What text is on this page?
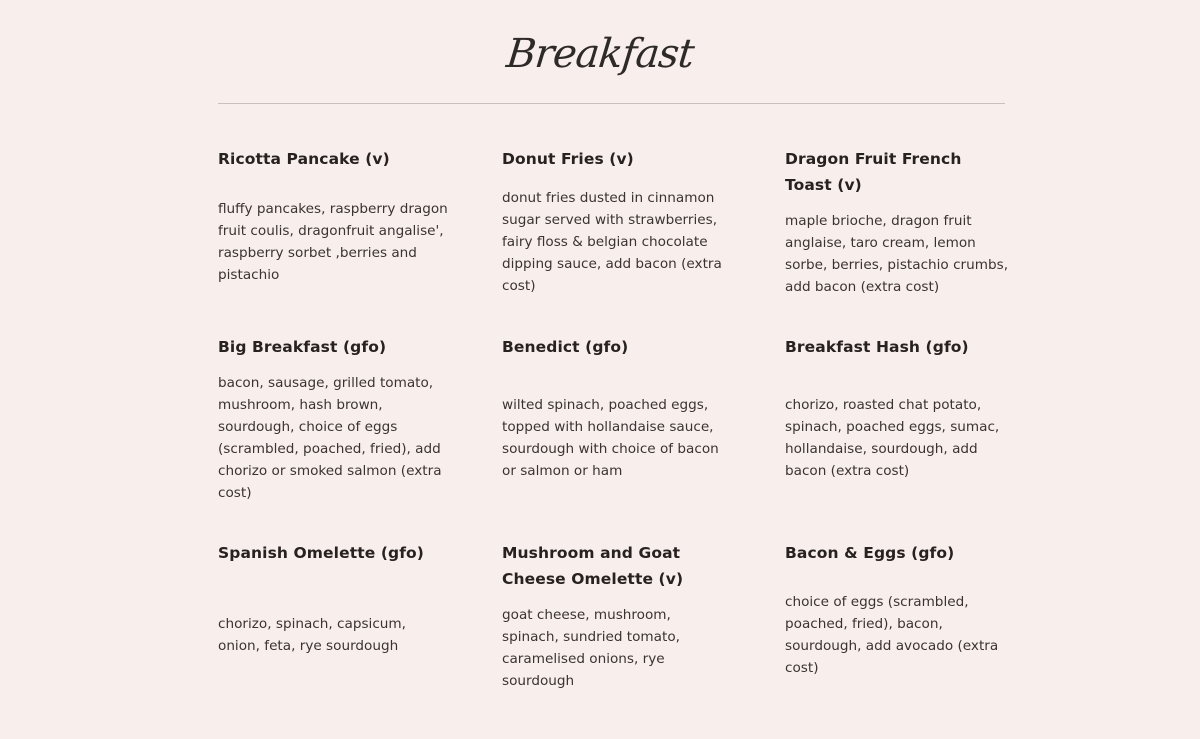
Breakfast

Ricotta Pancake (v)

fluffy pancakes, raspberry dragon fruit coulis, dragonfruit angalise', raspberry sorbet ,berries and pistachio

Donut Fries (v)

donut fries dusted in cinnamon sugar served with strawberries, fairy floss & belgian chocolate dipping sauce, add bacon (extra cost)

Dragon Fruit French Toast (v)

maple brioche, dragon fruit anglaise, taro cream, lemon sorbe, berries, pistachio crumbs, add bacon (extra cost)

Big Breakfast (gfo)

bacon, sausage, grilled tomato, mushroom, hash brown, sourdough, choice of eggs (scrambled, poached, fried), add chorizo or smoked salmon (extra cost)

Benedict (gfo)

wilted spinach, poached eggs, topped with hollandaise sauce, sourdough with choice of bacon or salmon or ham

Breakfast Hash (gfo)

chorizo, roasted chat potato, spinach, poached eggs, sumac, hollandaise, sourdough, add bacon (extra cost)

Spanish Omelette (gfo)

chorizo, spinach, capsicum, onion, feta, rye sourdough

Mushroom and Goat Cheese Omelette (v)

goat cheese, mushroom, spinach, sundried tomato, caramelised onions, rye sourdough

Bacon & Eggs (gfo)

choice of eggs (scrambled, poached, fried), bacon, sourdough, add avocado (extra cost)
